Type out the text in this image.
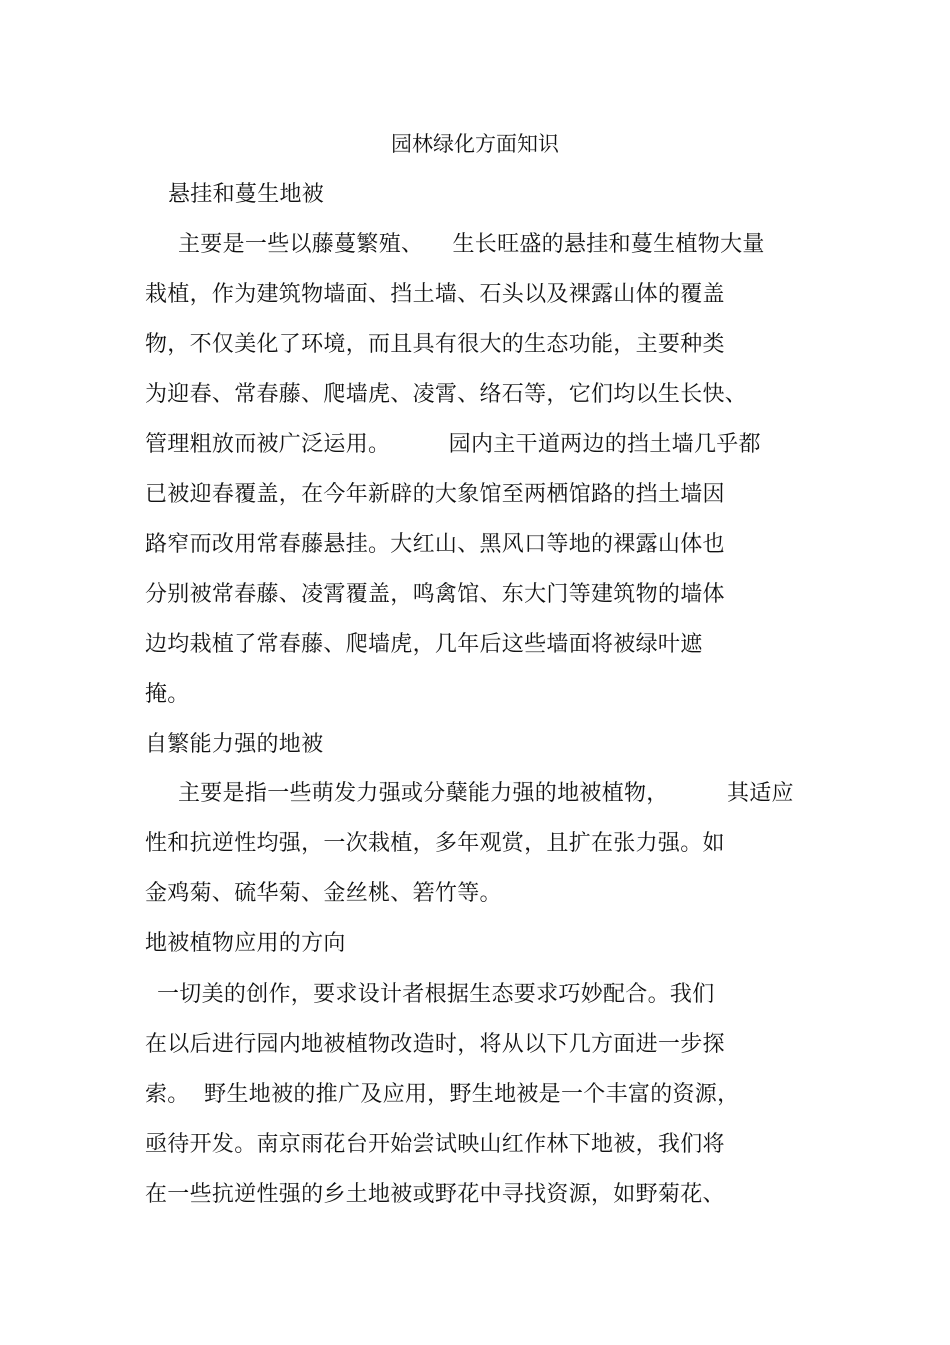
园林绿化方面知识
悬挂和蔓生地被
主要是一些以藤蔓繁殖、    生长旺盛的悬挂和蔓生植物大量
栽植，作为建筑物墙面、挡土墙、石头以及裸露山体的覆盖
物，不仅美化了环境，而且具有很大的生态功能，主要种类
为迎春、常春藤、爬墙虎、凌霄、络石等，它们均以生长快、
管理粗放而被广泛运用。        园内主干道两边的挡土墙几乎都
已被迎春覆盖，在今年新辟的大象馆至两栖馆路的挡土墙因
路窄而改用常春藤悬挂。大红山、黑风口等地的裸露山体也
分别被常春藤、凌霄覆盖，鸣禽馆、东大门等建筑物的墙体
边均栽植了常春藤、爬墙虎，几年后这些墙面将被绿叶遮
掩。
自繁能力强的地被
主要是指一些萌发力强或分蘖能力强的地被植物，        其适应
性和抗逆性均强，一次栽植，多年观赏，且扩在张力强。如
金鸡菊、硫华菊、金丝桃、箬竹等。
地被植物应用的方向
一切美的创作，要求设计者根据生态要求巧妙配合。我们
在以后进行园内地被植物改造时，将从以下几方面进一步探
索。  野生地被的推广及应用，野生地被是一个丰富的资源，
亟待开发。南京雨花台开始尝试映山红作林下地被，我们将
在一些抗逆性强的乡土地被或野花中寻找资源，如野菊花、
